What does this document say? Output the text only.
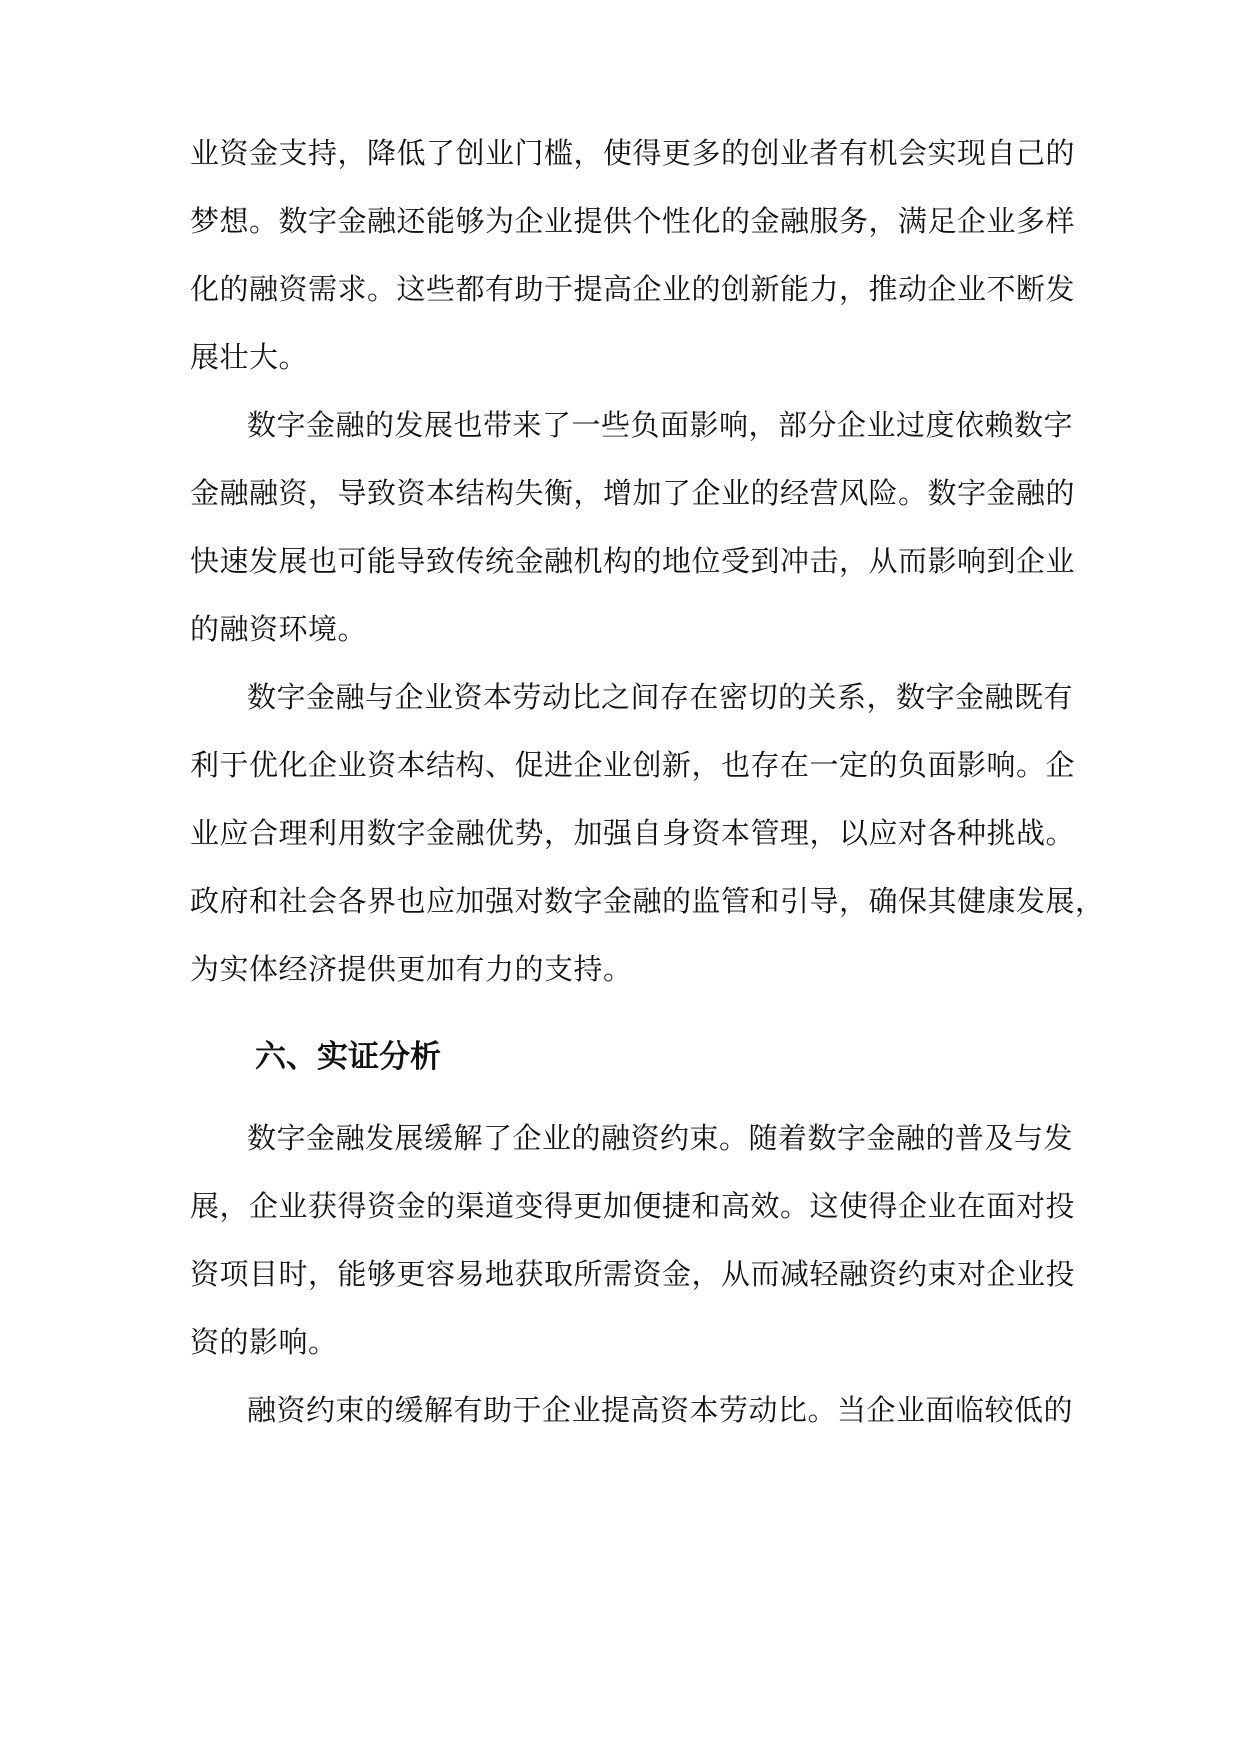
业资金支持，降低了创业门槛，使得更多的创业者有机会实现自己的
梦想。数字金融还能够为企业提供个性化的金融服务，满足企业多样
化的融资需求。这些都有助于提高企业的创新能力，推动企业不断发
展壮大。
数字金融的发展也带来了一些负面影响，部分企业过度依赖数字
金融融资，导致资本结构失衡，增加了企业的经营风险。数字金融的
快速发展也可能导致传统金融机构的地位受到冲击，从而影响到企业
的融资环境。
数字金融与企业资本劳动比之间存在密切的关系，数字金融既有
利于优化企业资本结构、促进企业创新，也存在一定的负面影响。企
业应合理利用数字金融优势，加强自身资本管理，以应对各种挑战。
政府和社会各界也应加强对数字金融的监管和引导，确保其健康发展，
为实体经济提供更加有力的支持。
六、实证分析
数字金融发展缓解了企业的融资约束。随着数字金融的普及与发
展，企业获得资金的渠道变得更加便捷和高效。这使得企业在面对投
资项目时，能够更容易地获取所需资金，从而减轻融资约束对企业投
资的影响。
融资约束的缓解有助于企业提高资本劳动比。当企业面临较低的
